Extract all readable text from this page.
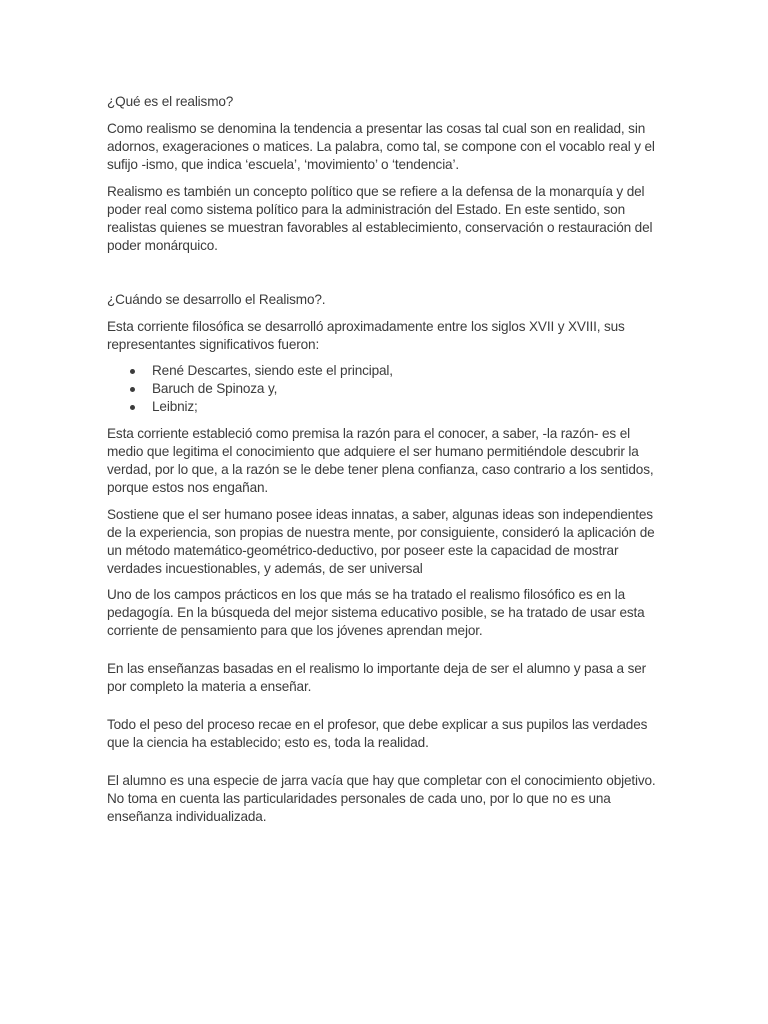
¿Qué es el realismo?

Como realismo se denomina la tendencia a presentar las cosas tal cual son en realidad, sin adornos, exageraciones o matices. La palabra, como tal, se compone con el vocablo real y el sufijo -ismo, que indica ‘escuela’, ‘movimiento’ o ‘tendencia’.

Realismo es también un concepto político que se refiere a la defensa de la monarquía y del poder real como sistema político para la administración del Estado. En este sentido, son realistas quienes se muestran favorables al establecimiento, conservación o restauración del poder monárquico.

¿Cuándo se desarrollo el Realismo?.

Esta corriente filosófica se desarrolló aproximadamente entre los siglos XVII y XVIII, sus representantes significativos fueron:

René Descartes, siendo este el principal,
Baruch de Spinoza y,
Leibniz;

Esta corriente estableció como premisa la razón para el conocer, a saber, -la razón- es el medio que legitima el conocimiento que adquiere el ser humano permitiéndole descubrir la verdad, por lo que, a la razón se le debe tener plena confianza, caso contrario a los sentidos, porque estos nos engañan.

Sostiene que el ser humano posee ideas innatas, a saber, algunas ideas son independientes de la experiencia, son propias de nuestra mente, por consiguiente, consideró la aplicación de un método matemático-geométrico-deductivo, por poseer este la capacidad de mostrar verdades incuestionables, y además, de ser universal

Uno de los campos prácticos en los que más se ha tratado el realismo filosófico es en la pedagogía. En la búsqueda del mejor sistema educativo posible, se ha tratado de usar esta corriente de pensamiento para que los jóvenes aprendan mejor.

En las enseñanzas basadas en el realismo lo importante deja de ser el alumno y pasa a ser por completo la materia a enseñar.

Todo el peso del proceso recae en el profesor, que debe explicar a sus pupilos las verdades que la ciencia ha establecido; esto es, toda la realidad.

El alumno es una especie de jarra vacía que hay que completar con el conocimiento objetivo. No toma en cuenta las particularidades personales de cada uno, por lo que no es una enseñanza individualizada.
